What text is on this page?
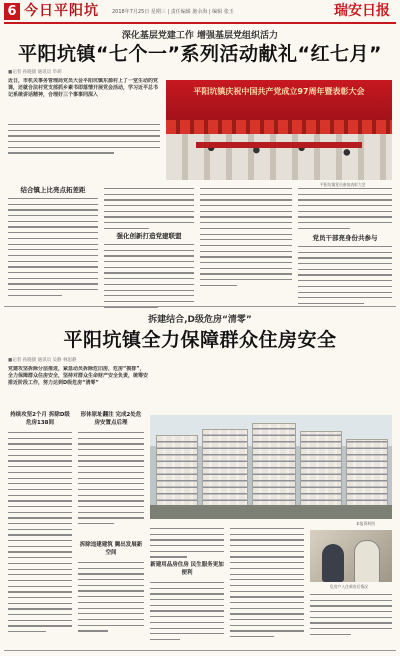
6 今日平阳坑	2018年7月25日 星期三 | 责任编辑 施余海 | 编辑 张玉	瑞安日报
深化基层党建工作 增强基层党组织活力
平阳坑镇“七个一”系列活动献礼“红七月”
■记者 孙晓甜 通讯员 毕胡
近日，市机关事务管理局党员大会平阳坑镇东源村上了一堂生动的党课，还就合法村党支部抓乡素书即落情开展党会活动，学习近平总书记系统讲话精神，合理好三个事事同深入	平阳坑镇庆祝中国共产党成立97周年暨表彰大会
平阳坑镇党员参加表彰大会
结合镇上比亮点拓差距
强化创新打造党建联盟	党员干部亮身份共参与
拆建结合,D级危房“清零”
平阳坑镇全力保障群众住房安全
■记者 孙晓甜 通讯员 吴静 林思静
党建攻坚拆除分层推进，紧急动员拆除危旧房，危房“摸排”，全力保障群众住房安全，坚持对群众生命财产安全负责，统筹安排近阶段工作，努力达到D级危房“清零”
持续攻坚2个月 拆除D级危房138间
形体原址翻注 完成2处危房安置点后理
拆除违建建筑 腾出发展新空间
本报资料图
新建用品房住房 民生服务更加便利
危房户入住新房后情况
